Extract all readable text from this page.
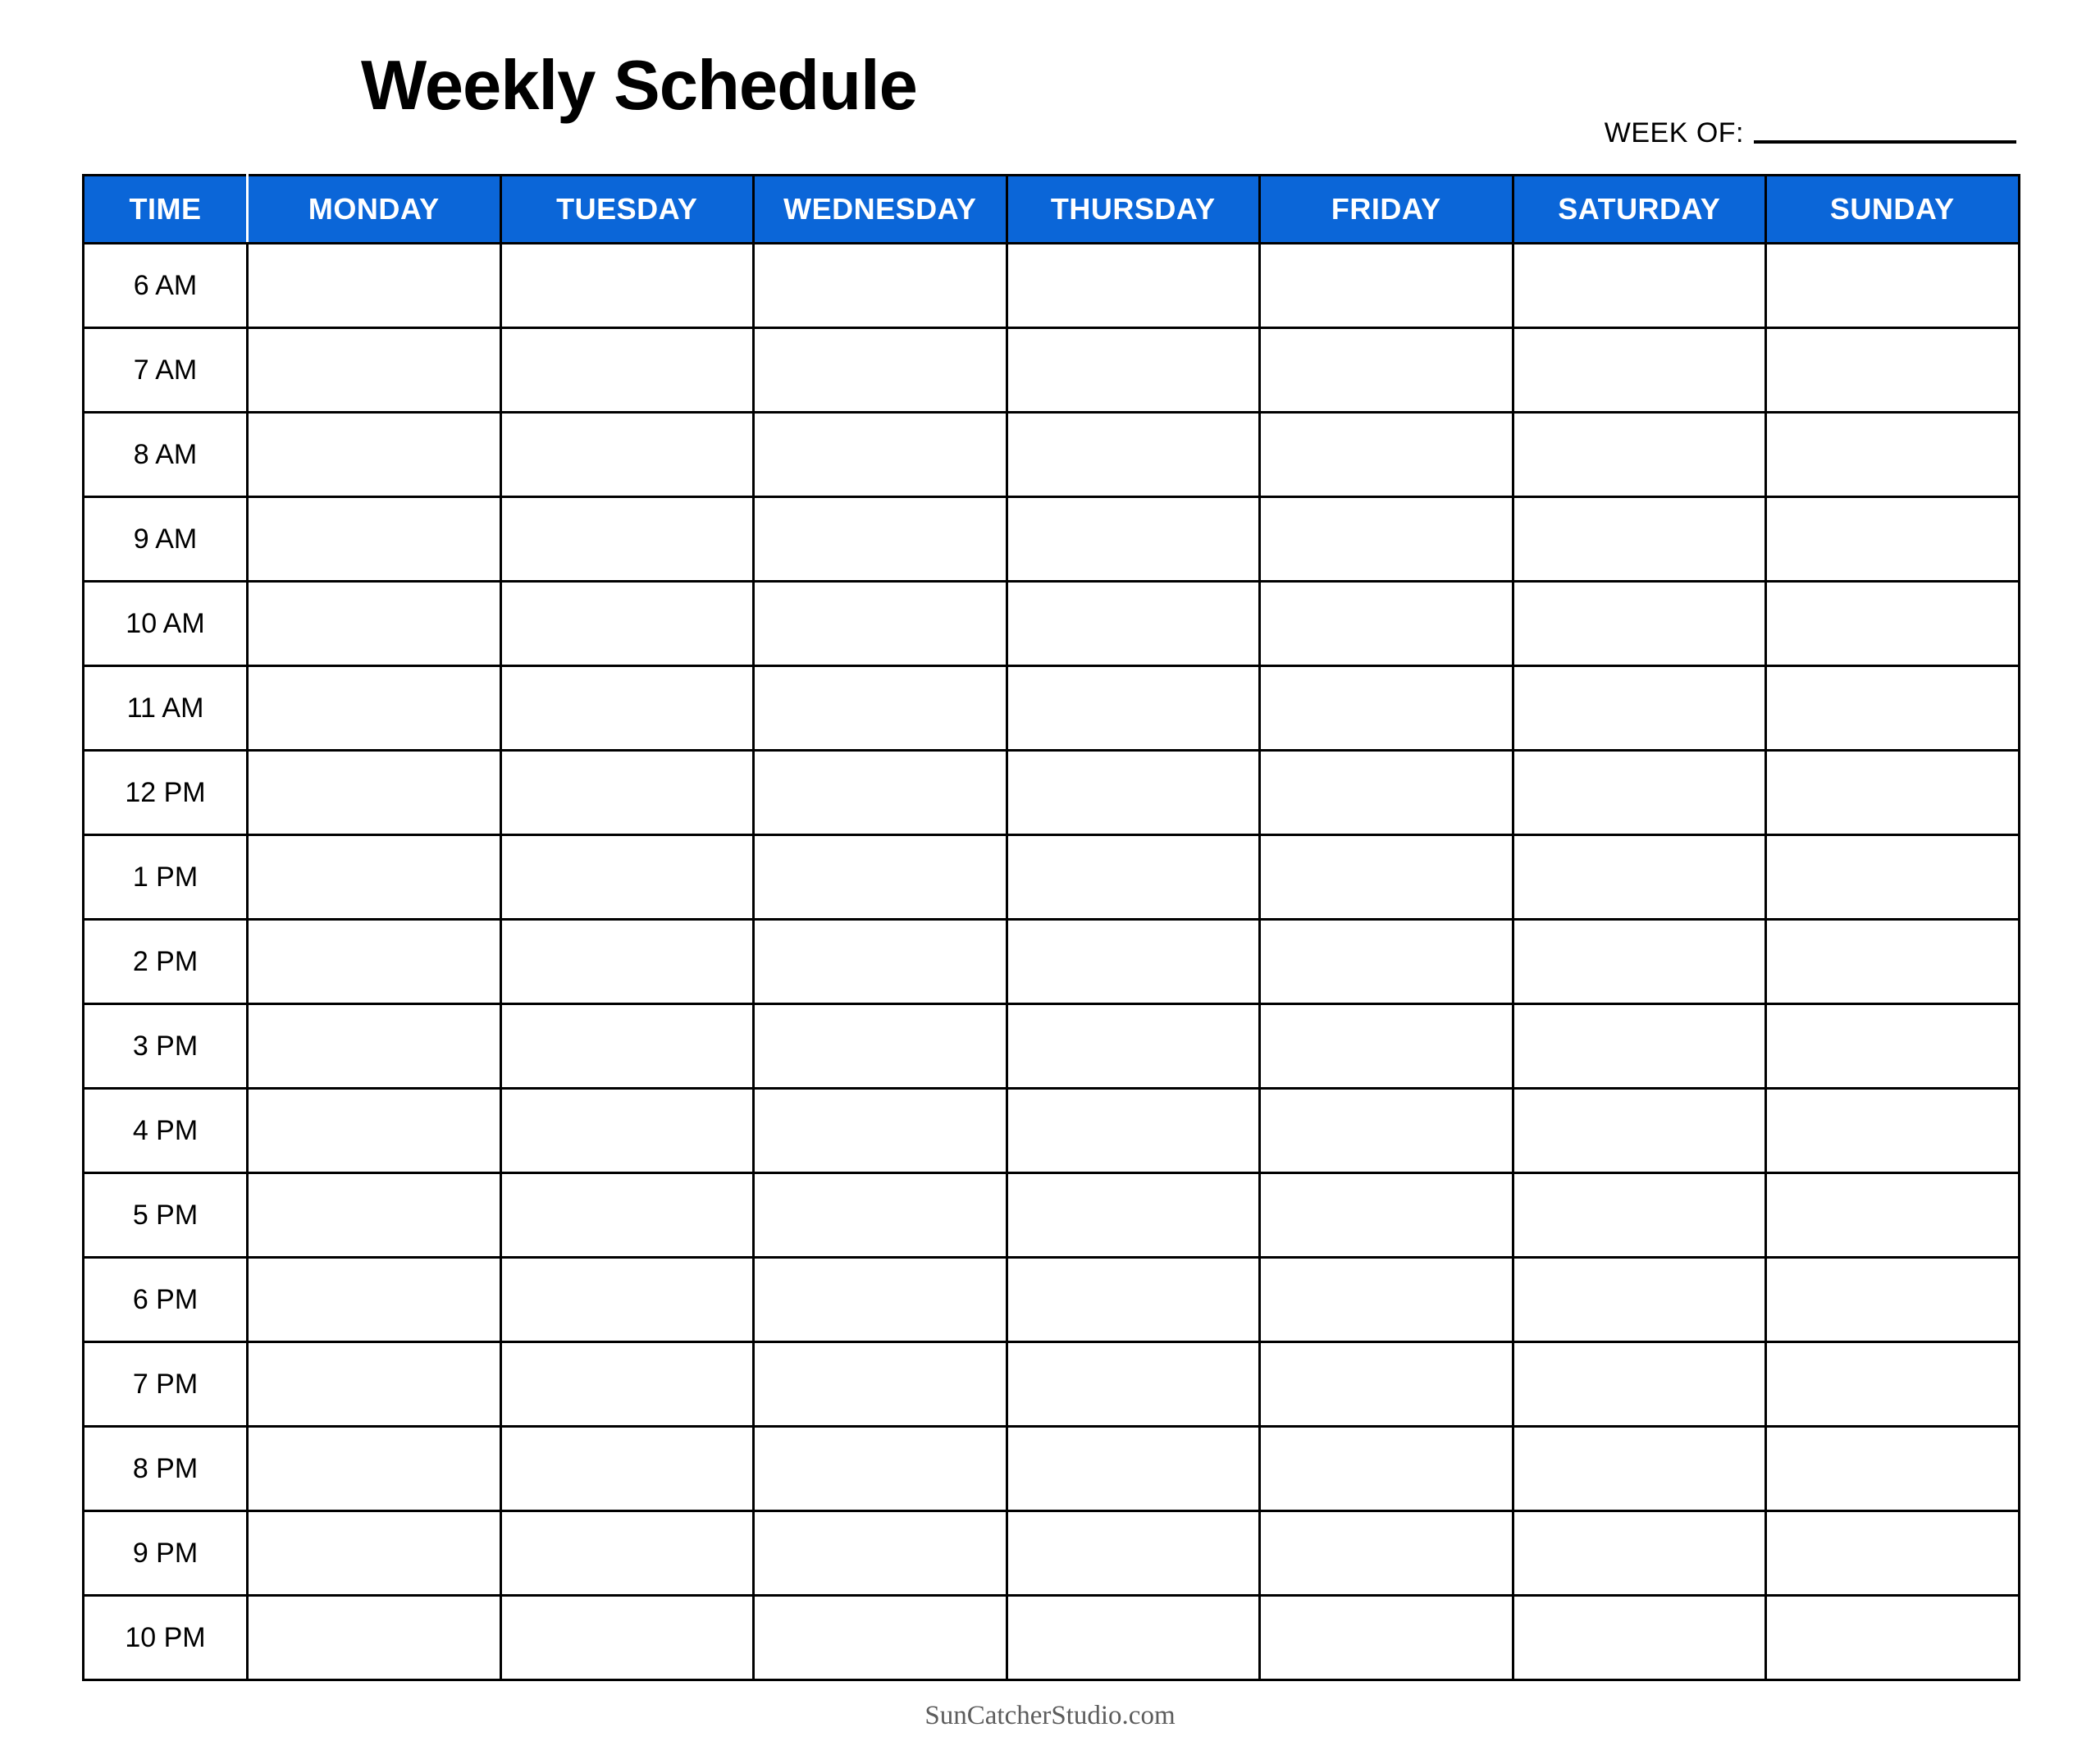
Weekly Schedule
WEEK OF:
TIME	MONDAY	TUESDAY	WEDNESDAY	THURSDAY	FRIDAY	SATURDAY	SUNDAY
6 AM							
7 AM							
8 AM							
9 AM							
10 AM							
11 AM							
12 PM							
1 PM							
2 PM							
3 PM							
4 PM							
5 PM							
6 PM							
7 PM							
8 PM							
9 PM							
10 PM							
SunCatcherStudio.com
